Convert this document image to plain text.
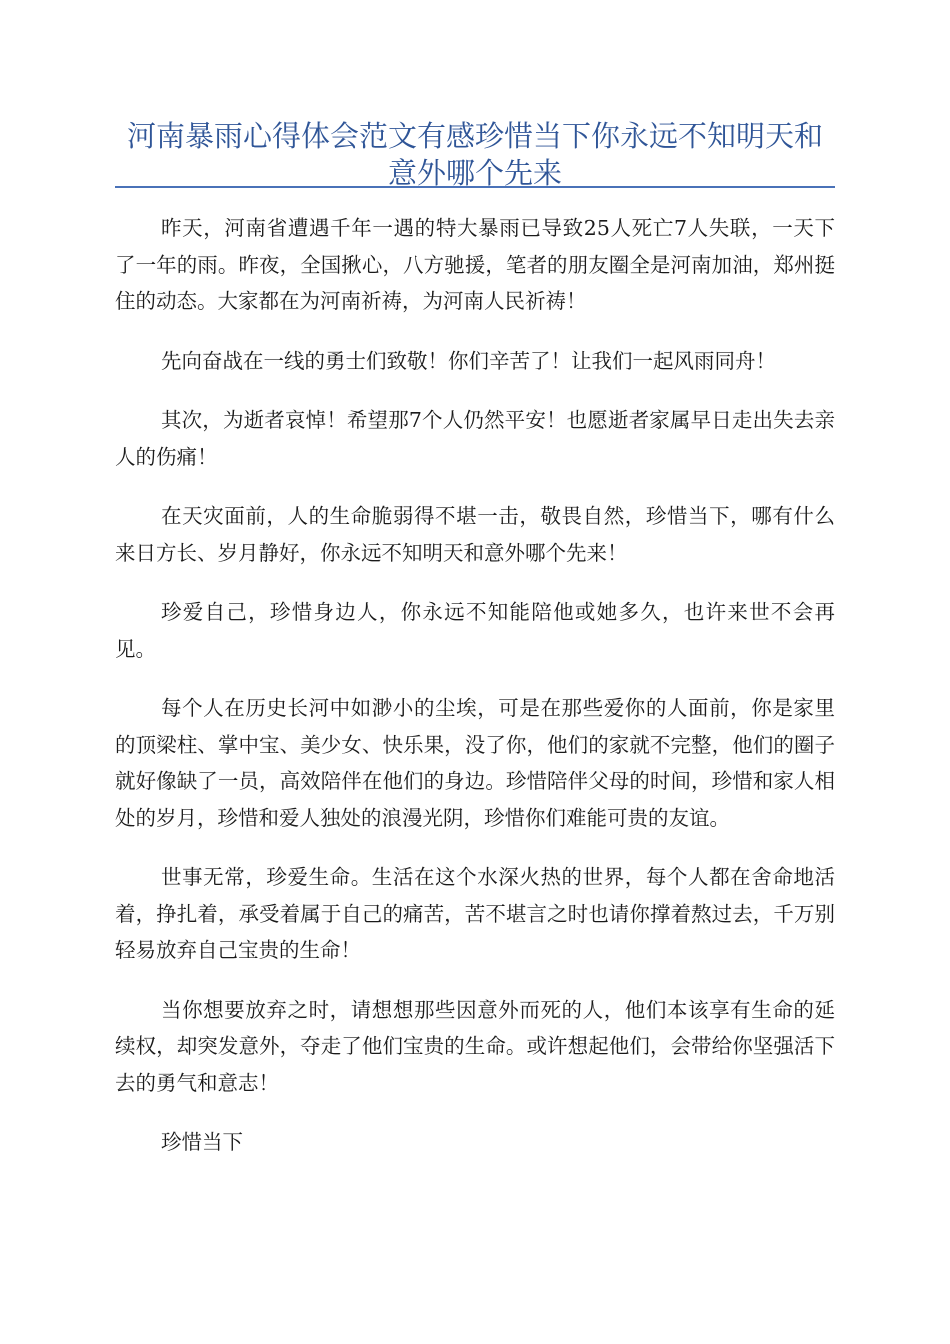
河南暴雨心得体会范文有感珍惜当下你永远不知明天和意外哪个先来

昨天，河南省遭遇千年一遇的特大暴雨已导致25人死亡7人失联，一天下了一年的雨。昨夜，全国揪心，八方驰援，笔者的朋友圈全是河南加油，郑州挺住的动态。大家都在为河南祈祷，为河南人民祈祷！

先向奋战在一线的勇士们致敬！你们辛苦了！让我们一起风雨同舟！

其次，为逝者哀悼！希望那7个人仍然平安！也愿逝者家属早日走出失去亲人的伤痛！

在天灾面前，人的生命脆弱得不堪一击，敬畏自然，珍惜当下，哪有什么来日方长、岁月静好，你永远不知明天和意外哪个先来！

珍爱自己，珍惜身边人，你永远不知能陪他或她多久，也许来世不会再见。

每个人在历史长河中如渺小的尘埃，可是在那些爱你的人面前，你是家里的顶梁柱、掌中宝、美少女、快乐果，没了你，他们的家就不完整，他们的圈子就好像缺了一员，高效陪伴在他们的身边。珍惜陪伴父母的时间，珍惜和家人相处的岁月，珍惜和爱人独处的浪漫光阴，珍惜你们难能可贵的友谊。

世事无常，珍爱生命。生活在这个水深火热的世界，每个人都在舍命地活着，挣扎着，承受着属于自己的痛苦，苦不堪言之时也请你撑着熬过去，千万别轻易放弃自己宝贵的生命！

当你想要放弃之时，请想想那些因意外而死的人，他们本该享有生命的延续权，却突发意外，夺走了他们宝贵的生命。或许想起他们，会带给你坚强活下去的勇气和意志！

珍惜当下
